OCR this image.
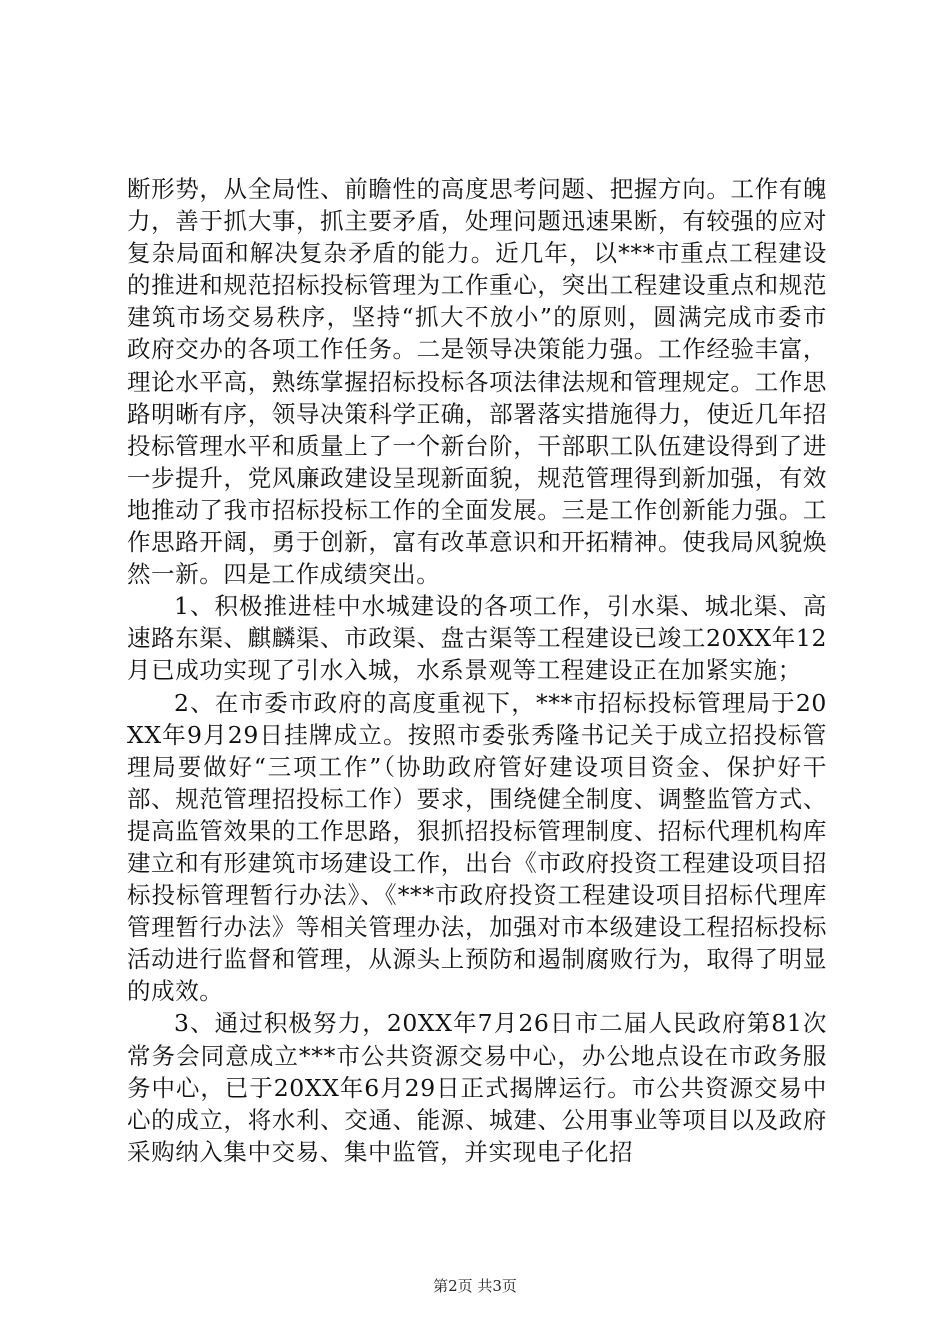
断形势，从全局性、前瞻性的高度思考问题、把握方向。工作有魄力，善于抓大事，抓主要矛盾，处理问题迅速果断，有较强的应对复杂局面和解决复杂矛盾的能力。近几年，以***市重点工程建设的推进和规范招标投标管理为工作重心，突出工程建设重点和规范建筑市场交易秩序，坚持“抓大不放小”的原则，圆满完成市委市政府交办的各项工作任务。二是领导决策能力强。工作经验丰富，理论水平高，熟练掌握招标投标各项法律法规和管理规定。工作思路明晰有序，领导决策科学正确，部署落实措施得力，使近几年招投标管理水平和质量上了一个新台阶，干部职工队伍建设得到了进一步提升，党风廉政建设呈现新面貌，规范管理得到新加强，有效地推动了我市招标投标工作的全面发展。三是工作创新能力强。工作思路开阔，勇于创新，富有改革意识和开拓精神。使我局风貌焕然一新。四是工作成绩突出。

1、积极推进桂中水城建设的各项工作，引水渠、城北渠、高速路东渠、麒麟渠、市政渠、盘古渠等工程建设已竣工20XX年12月已成功实现了引水入城，水系景观等工程建设正在加紧实施；

2、在市委市政府的高度重视下，***市招标投标管理局于20XX年9月29日挂牌成立。按照市委张秀隆书记关于成立招投标管理局要做好“三项工作”（协助政府管好建设项目资金、保护好干部、规范管理招投标工作）要求，围绕健全制度、调整监管方式、提高监管效果的工作思路，狠抓招投标管理制度、招标代理机构库建立和有形建筑市场建设工作，出台《市政府投资工程建设项目招标投标管理暂行办法》、《***市政府投资工程建设项目招标代理库管理暂行办法》等相关管理办法，加强对市本级建设工程招标投标活动进行监督和管理，从源头上预防和遏制腐败行为，取得了明显的成效。

3、通过积极努力，20XX年7月26日市二届人民政府第81次常务会同意成立***市公共资源交易中心，办公地点设在市政务服务中心，已于20XX年6月29日正式揭牌运行。市公共资源交易中心的成立，将水利、交通、能源、城建、公用事业等项目以及政府采购纳入集中交易、集中监管，并实现电子化招

第2页 共3页
